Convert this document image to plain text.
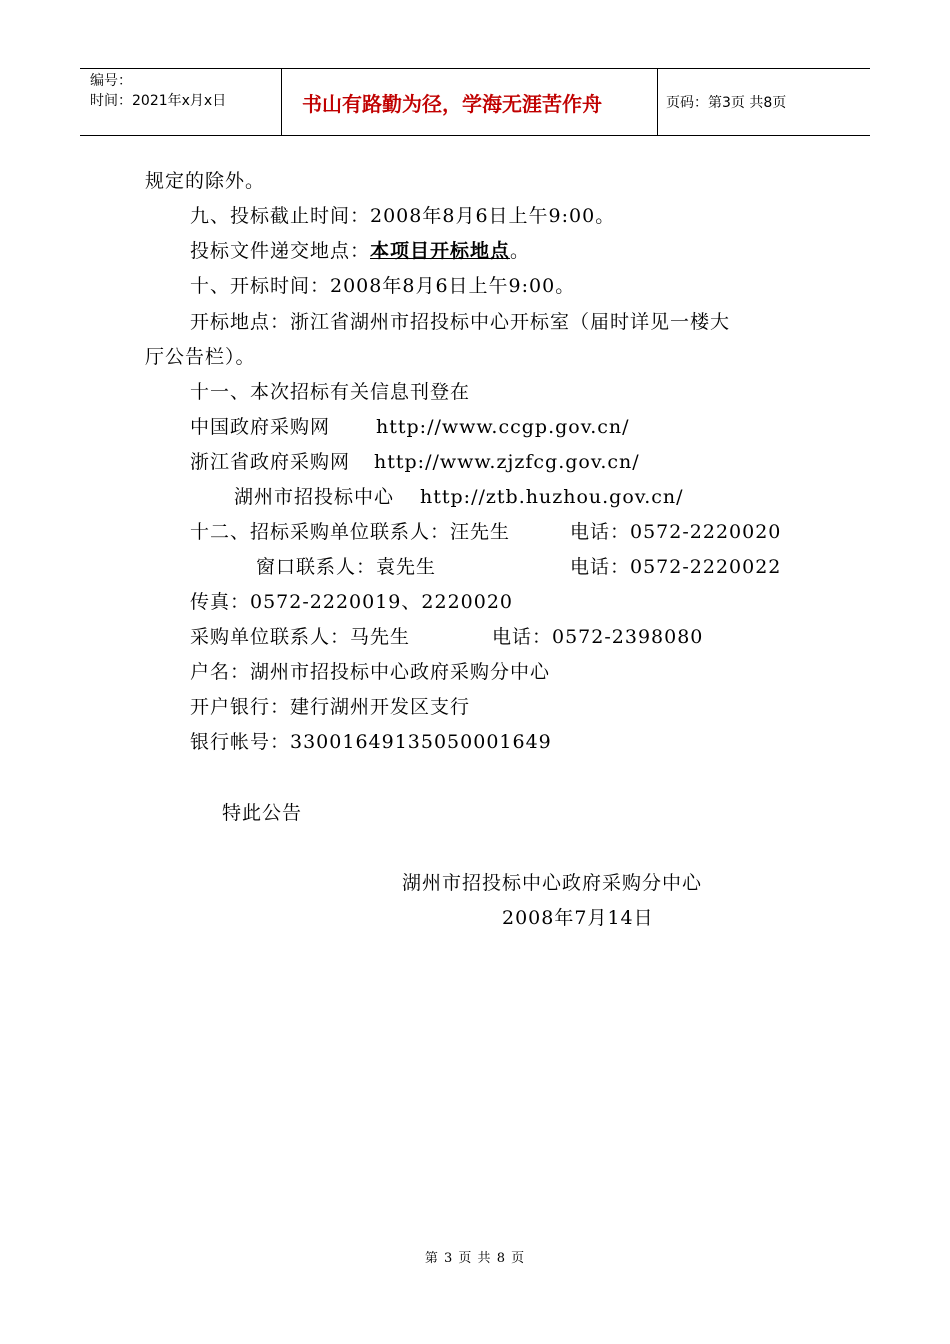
编号：
时间：2021年x月x日	书山有路勤为径，学海无涯苦作舟	页码：第3页 共8页
规定的除外。
九、投标截止时间：2008年8月6日上午9:00。
投标文件递交地点：本项目开标地点。
十、开标时间：2008年8月6日上午9:00。
开标地点：浙江省湖州市招投标中心开标室（届时详见一楼大
厅公告栏）。
十一、本次招标有关信息刊登在
中国政府采购网 http://www.ccgp.gov.cn/
浙江省政府采购网 http://www.zjzfcg.gov.cn/
湖州市招投标中心 http://ztb.huzhou.gov.cn/
十二、招标采购单位联系人：汪先生	电话：0572-2220020
窗口联系人：袁先生	电话：0572-2220022
传真：0572-2220019、2220020
采购单位联系人：马先生	电话：0572-2398080
户名：湖州市招投标中心政府采购分中心
开户银行：建行湖州开发区支行
银行帐号：33001649135050001649
特此公告
湖州市招投标中心政府采购分中心
2008年7月14日
第 3 页 共 8 页
